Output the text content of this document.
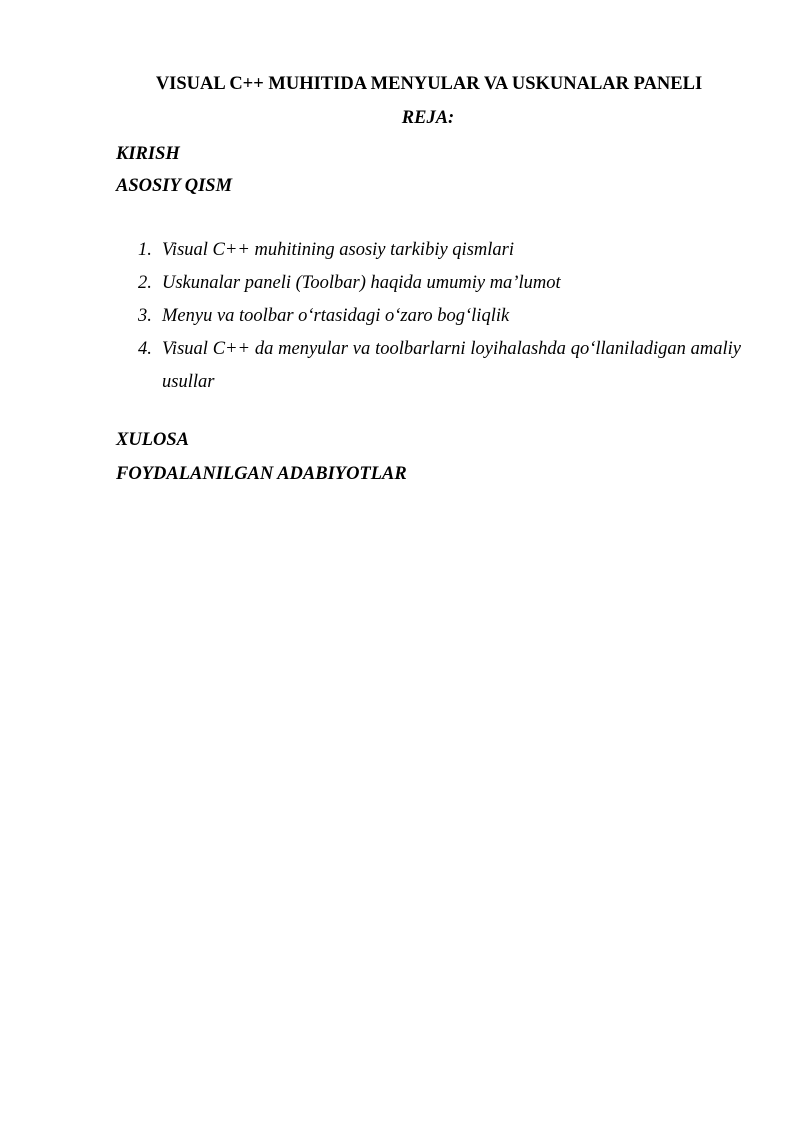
VISUAL C++ MUHITIDA MENYULAR VA USKUNALAR PANELI
REJA:
KIRISH
ASOSIY QISM
1. Visual C++ muhitining asosiy tarkibiy qismlari
2. Uskunalar paneli (Toolbar) haqida umumiy ma’lumot
3. Menyu va toolbar o‘rtasidagi o‘zaro bog‘liqlik
4. Visual C++ da menyular va toolbarlarni loyihalashda qo‘llaniladigan amaliy usullar
XULOSA
FOYDALANILGAN ADABIYOTLAR
